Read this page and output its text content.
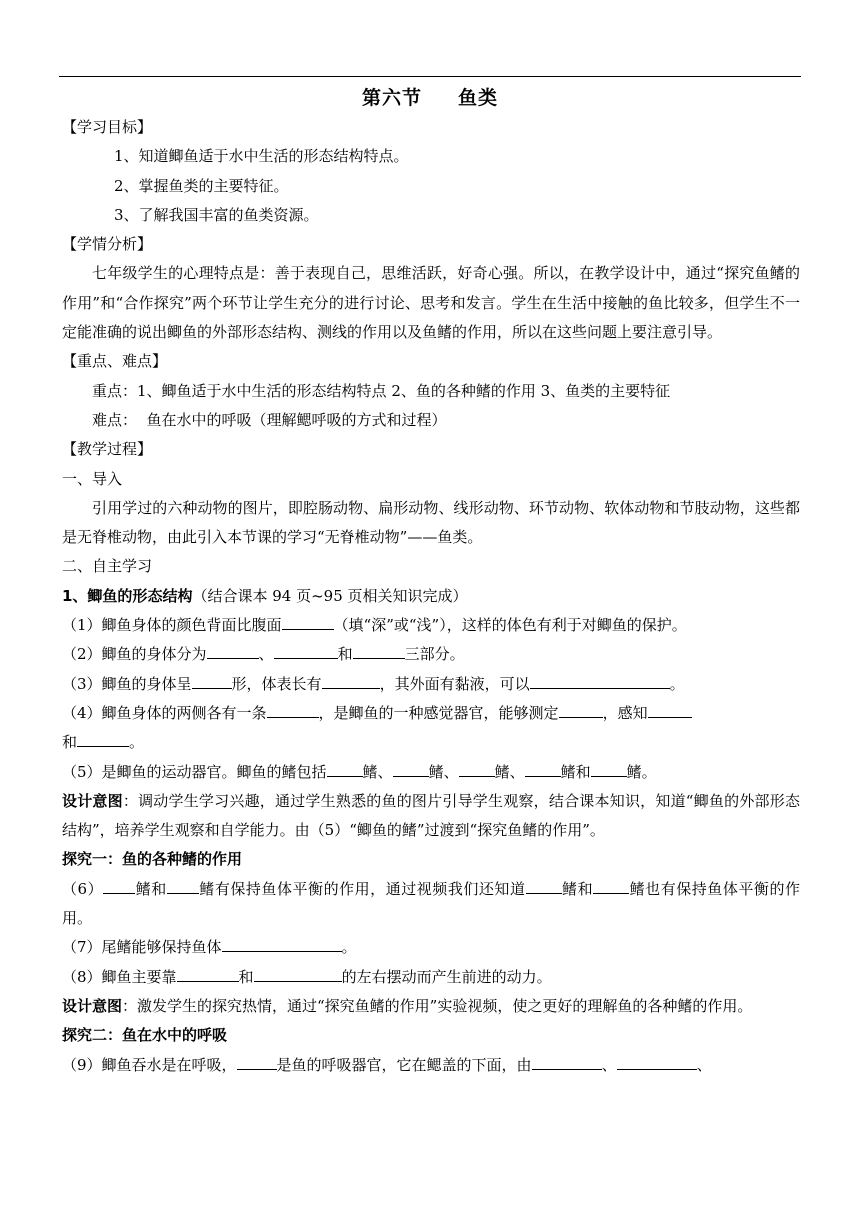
第六节 鱼类
【学习目标】
1、知道鲫鱼适于水中生活的形态结构特点。
2、掌握鱼类的主要特征。
3、了解我国丰富的鱼类资源。
【学情分析】
七年级学生的心理特点是：善于表现自己，思维活跃，好奇心强。所以，在教学设计中，通过“探究鱼鳍的作用”和“合作探究”两个环节让学生充分的进行讨论、思考和发言。学生在生活中接触的鱼比较多，但学生不一定能准确的说出鲫鱼的外部形态结构、测线的作用以及鱼鳍的作用，所以在这些问题上要注意引导。
【重点、难点】
重点：1、鲫鱼适于水中生活的形态结构特点 2、鱼的各种鳍的作用 3、鱼类的主要特征
难点：  鱼在水中的呼吸（理解鳃呼吸的方式和过程）
【教学过程】
一、导入
引用学过的六种动物的图片，即腔肠动物、扁形动物、线形动物、环节动物、软体动物和节肢动物，这些都是无脊椎动物，由此引入本节课的学习“无脊椎动物”——鱼类。
二、自主学习
1、鲫鱼的形态结构（结合课本 94 页~95 页相关知识完成）
（1）鲫鱼身体的颜色背面比腹面	（填“深”或“浅”），这样的体色有利于对鲫鱼的保护。
（2）鲫鱼的身体分为	、	和	三部分。
（3）鲫鱼的身体呈	形，体表长有	，其外面有黏液，可以	。
（4）鲫鱼身体的两侧各有一条	，是鲫鱼的一种感觉器官，能够测定	，感知
和	。
（5）是鲫鱼的运动器官。鲫鱼的鳍包括 鳍、 鳍、 鳍、 鳍和 鳍。
设计意图：调动学生学习兴趣，通过学生熟悉的鱼的图片引导学生观察，结合课本知识，知道“鲫鱼的外部形态结构”，培养学生观察和自学能力。由（5）“鲫鱼的鳍”过渡到“探究鱼鳍的作用”。
探究一：鱼的各种鳍的作用
（6） 鳍和 鳍有保持鱼体平衡的作用，通过视频我们还知道 鳍和 鳍也有保持鱼体平衡的作用。
（7）尾鳍能够保持鱼体	。
（8）鲫鱼主要靠	和	的左右摆动而产生前进的动力。
设计意图：激发学生的探究热情，通过“探究鱼鳍的作用”实验视频，使之更好的理解鱼的各种鳍的作用。
探究二：鱼在水中的呼吸
（9）鲫鱼吞水是在呼吸，	是鱼的呼吸器官，它在鳃盖的下面，由	、	、
